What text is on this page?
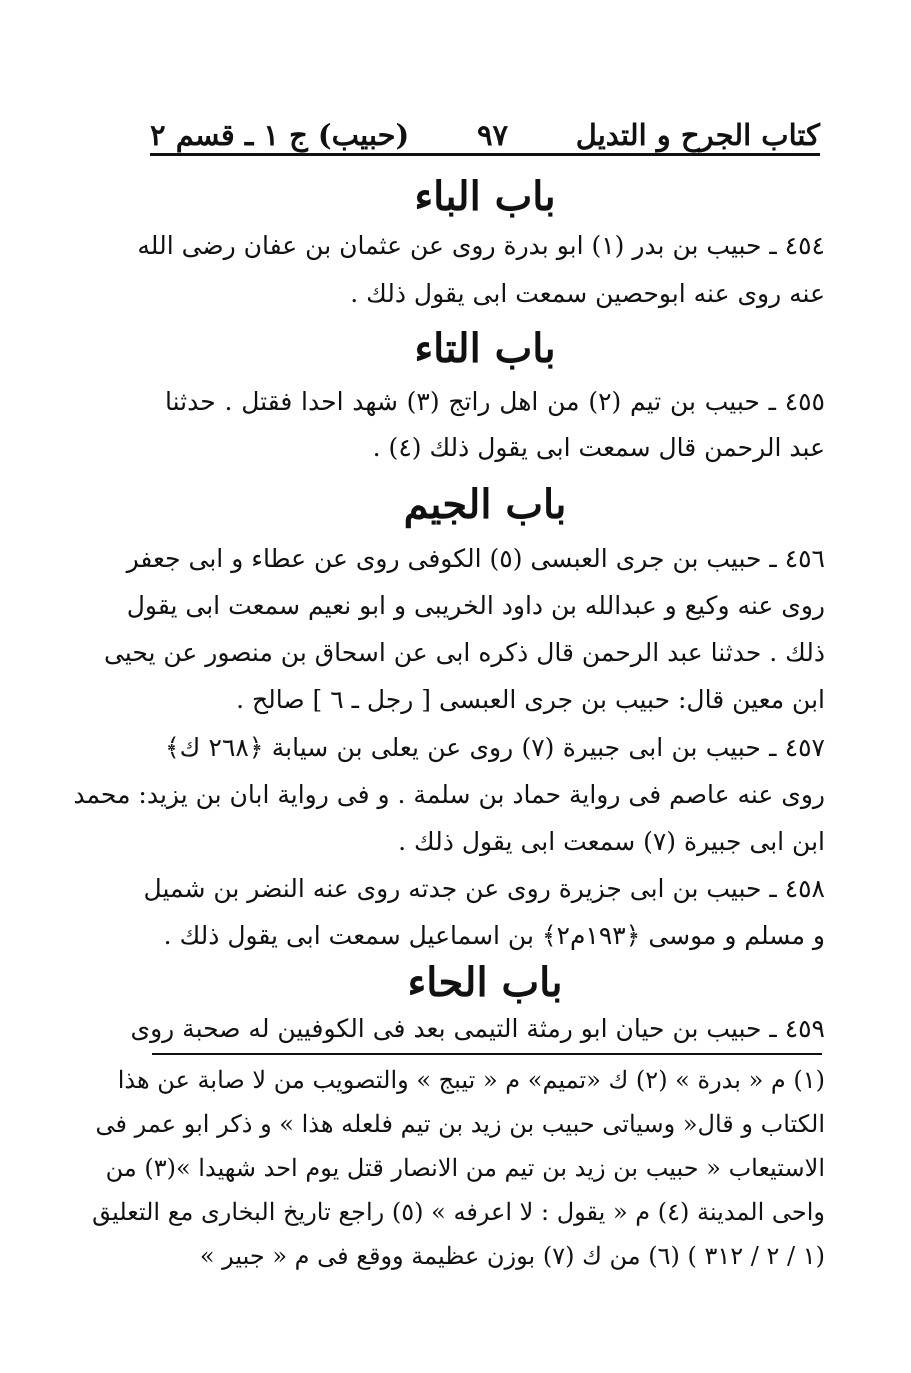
كتاب الجرح و التديل
٩٧
(حبيب) ج ١ ـ قسم ٢
باب الباء
٤٥٤ ـ حبيب بن بدر (١) ابو بدرة روى عن عثمان بن عفان رضى الله
عنه روى عنه ابوحصين سمعت ابى يقول ذلك .
باب التاء
٤٥٥ ـ حبيب بن تيم (٢) من اهل راتج (٣) شهد احدا فقتل . حدثنا
عبد الرحمن قال سمعت ابى يقول ذلك (٤) .
باب الجيم
٤٥٦ ـ حبيب بن جرى العبسى (٥) الكوفى روى عن عطاء و ابى جعفر
روى عنه وكيع و عبدالله بن داود الخريبى و ابو نعيم سمعت ابى يقول
ذلك . حدثنا عبد الرحمن قال ذكره ابى عن اسحاق بن منصور عن يحيى
ابن معين قال: حبيب بن جرى العبسى [ رجل ـ ٦ ] صالح .
٤٥٧ ـ حبيب بن ابى جبيرة (٧) روى عن يعلى بن سيابة ﴿٢٦٨ ك﴾
روى عنه عاصم فى رواية حماد بن سلمة . و فى رواية ابان بن يزيد: محمد
ابن ابى جبيرة (٧) سمعت ابى يقول ذلك .
٤٥٨ ـ حبيب بن ابى جزيرة روى عن جدته روى عنه النضر بن شميل
و مسلم و موسى ﴿١٩٣م٢﴾ بن اسماعيل سمعت ابى يقول ذلك .
باب الحاء
٤٥٩ ـ حبيب بن حيان ابو رمثة التيمى بعد فى الكوفيين له صحبة روى
(١) م « بدرة » (٢) ك «تميم» م « تيبج » والتصويب من لا صابة عن هذا
الكتاب و قال« وسياتى حبيب بن زيد بن تيم فلعله هذا » و ذكر ابو عمر فى
الاستيعاب « حبيب بن زيد بن تيم من الانصار قتل يوم احد شهيدا »(٣) من
واحى المدينة (٤) م « يقول : لا اعرفه » (٥) راجع تاريخ البخارى مع التعليق
(١ / ٢ / ٣١٢ ) (٦) من ك (٧) بوزن عظيمة ووقع فى م « جبير »
